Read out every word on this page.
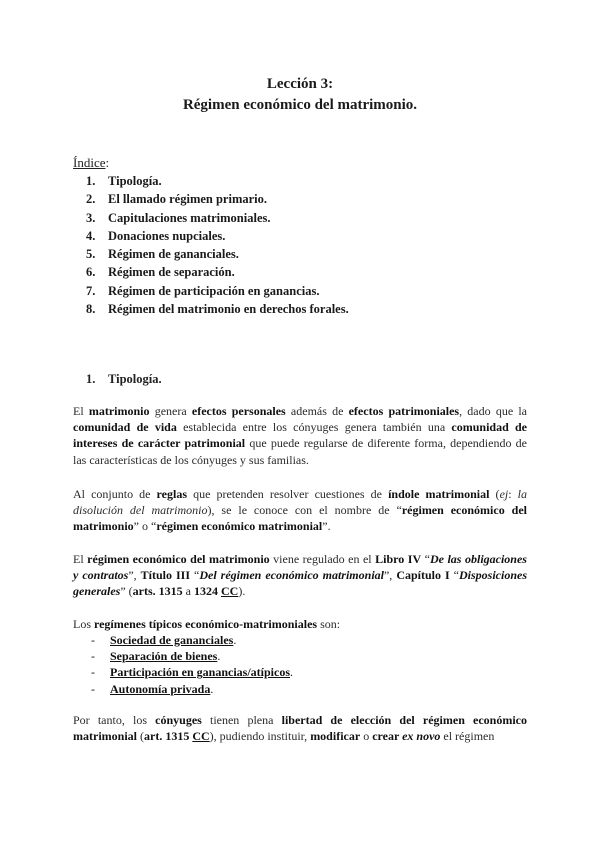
Lección 3:
Régimen económico del matrimonio.
Índice:
1. Tipología.
2. El llamado régimen primario.
3. Capitulaciones matrimoniales.
4. Donaciones nupciales.
5. Régimen de gananciales.
6. Régimen de separación.
7. Régimen de participación en ganancias.
8. Régimen del matrimonio en derechos forales.
1. Tipología.

El matrimonio genera efectos personales además de efectos patrimoniales, dado que la comunidad de vida establecida entre los cónyuges genera también una comunidad de intereses de carácter patrimonial que puede regularse de diferente forma, dependiendo de las características de los cónyuges y sus familias.

Al conjunto de reglas que pretenden resolver cuestiones de índole matrimonial (ej: la disolución del matrimonio), se le conoce con el nombre de “régimen económico del matrimonio” o “régimen económico matrimonial”.

El régimen económico del matrimonio viene regulado en el Libro IV “De las obligaciones y contratos”, Título III “Del régimen económico matrimonial”, Capítulo I “Disposiciones generales” (arts. 1315 a 1324 CC).

Los regímenes típicos económico-matrimoniales son:

- Sociedad de gananciales.
- Separación de bienes.
- Participación en ganancias/atípicos.
- Autonomía privada.

Por tanto, los cónyuges tienen plena libertad de elección del régimen económico matrimonial (art. 1315 CC), pudiendo instituir, modificar o crear ex novo el régimen
